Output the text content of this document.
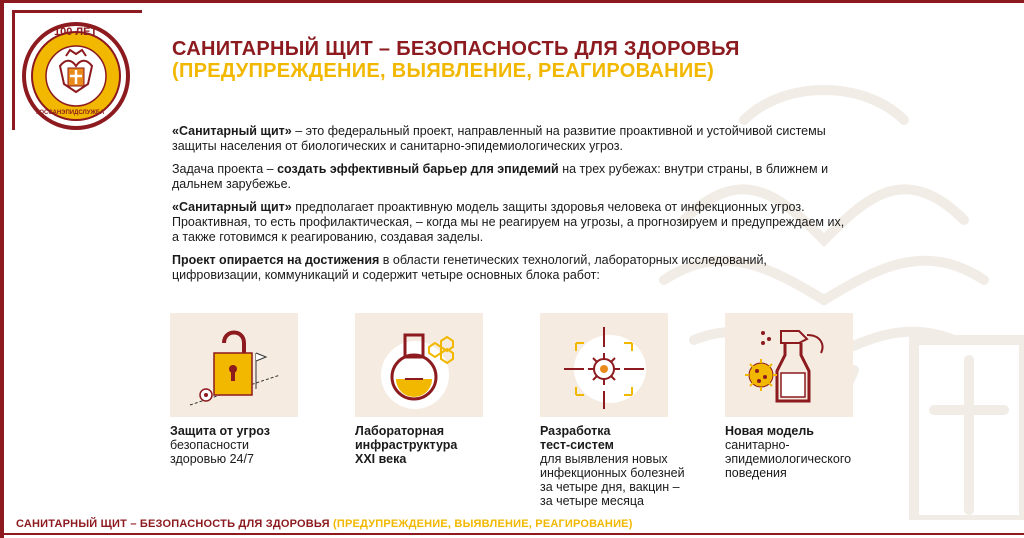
100 ЛЕТ
ГОССАНЭПИДСЛУЖБА
САНИТАРНЫЙ ЩИТ – БЕЗОПАСНОСТЬ ДЛЯ ЗДОРОВЬЯ
(ПРЕДУПРЕЖДЕНИЕ, ВЫЯВЛЕНИЕ, РЕАГИРОВАНИЕ)

«Санитарный щит» – это федеральный проект, направленный на развитие проактивной и устойчивой системы защиты населения от биологических и санитарно-эпидемиологических угроз.

Задача проекта – создать эффективный барьер для эпидемий на трех рубежах: внутри страны, в ближнем и дальнем зарубежье.

«Санитарный щит» предполагает проактивную модель защиты здоровья человека от инфекционных угроз. Проактивная, то есть профилактическая, – когда мы не реагируем на угрозы, а прогнозируем и предупреждаем их, а также готовимся к реагированию, создавая заделы.

Проект опирается на достижения в области генетических технологий, лабораторных исследований, цифровизации, коммуникаций и содержит четыре основных блока работ:

Защита от угроз
безопасности здоровью 24/7
Лабораторная инфраструктура XXI века
Разработка тест-систем
для выявления новых инфекционных болезней за четыре дня, вакцин – за четыре месяца
Новая модель
санитарно-эпидемиологического поведения
САНИТАРНЫЙ ЩИТ – БЕЗОПАСНОСТЬ ДЛЯ ЗДОРОВЬЯ (ПРЕДУПРЕЖДЕНИЕ, ВЫЯВЛЕНИЕ, РЕАГИРОВАНИЕ)
